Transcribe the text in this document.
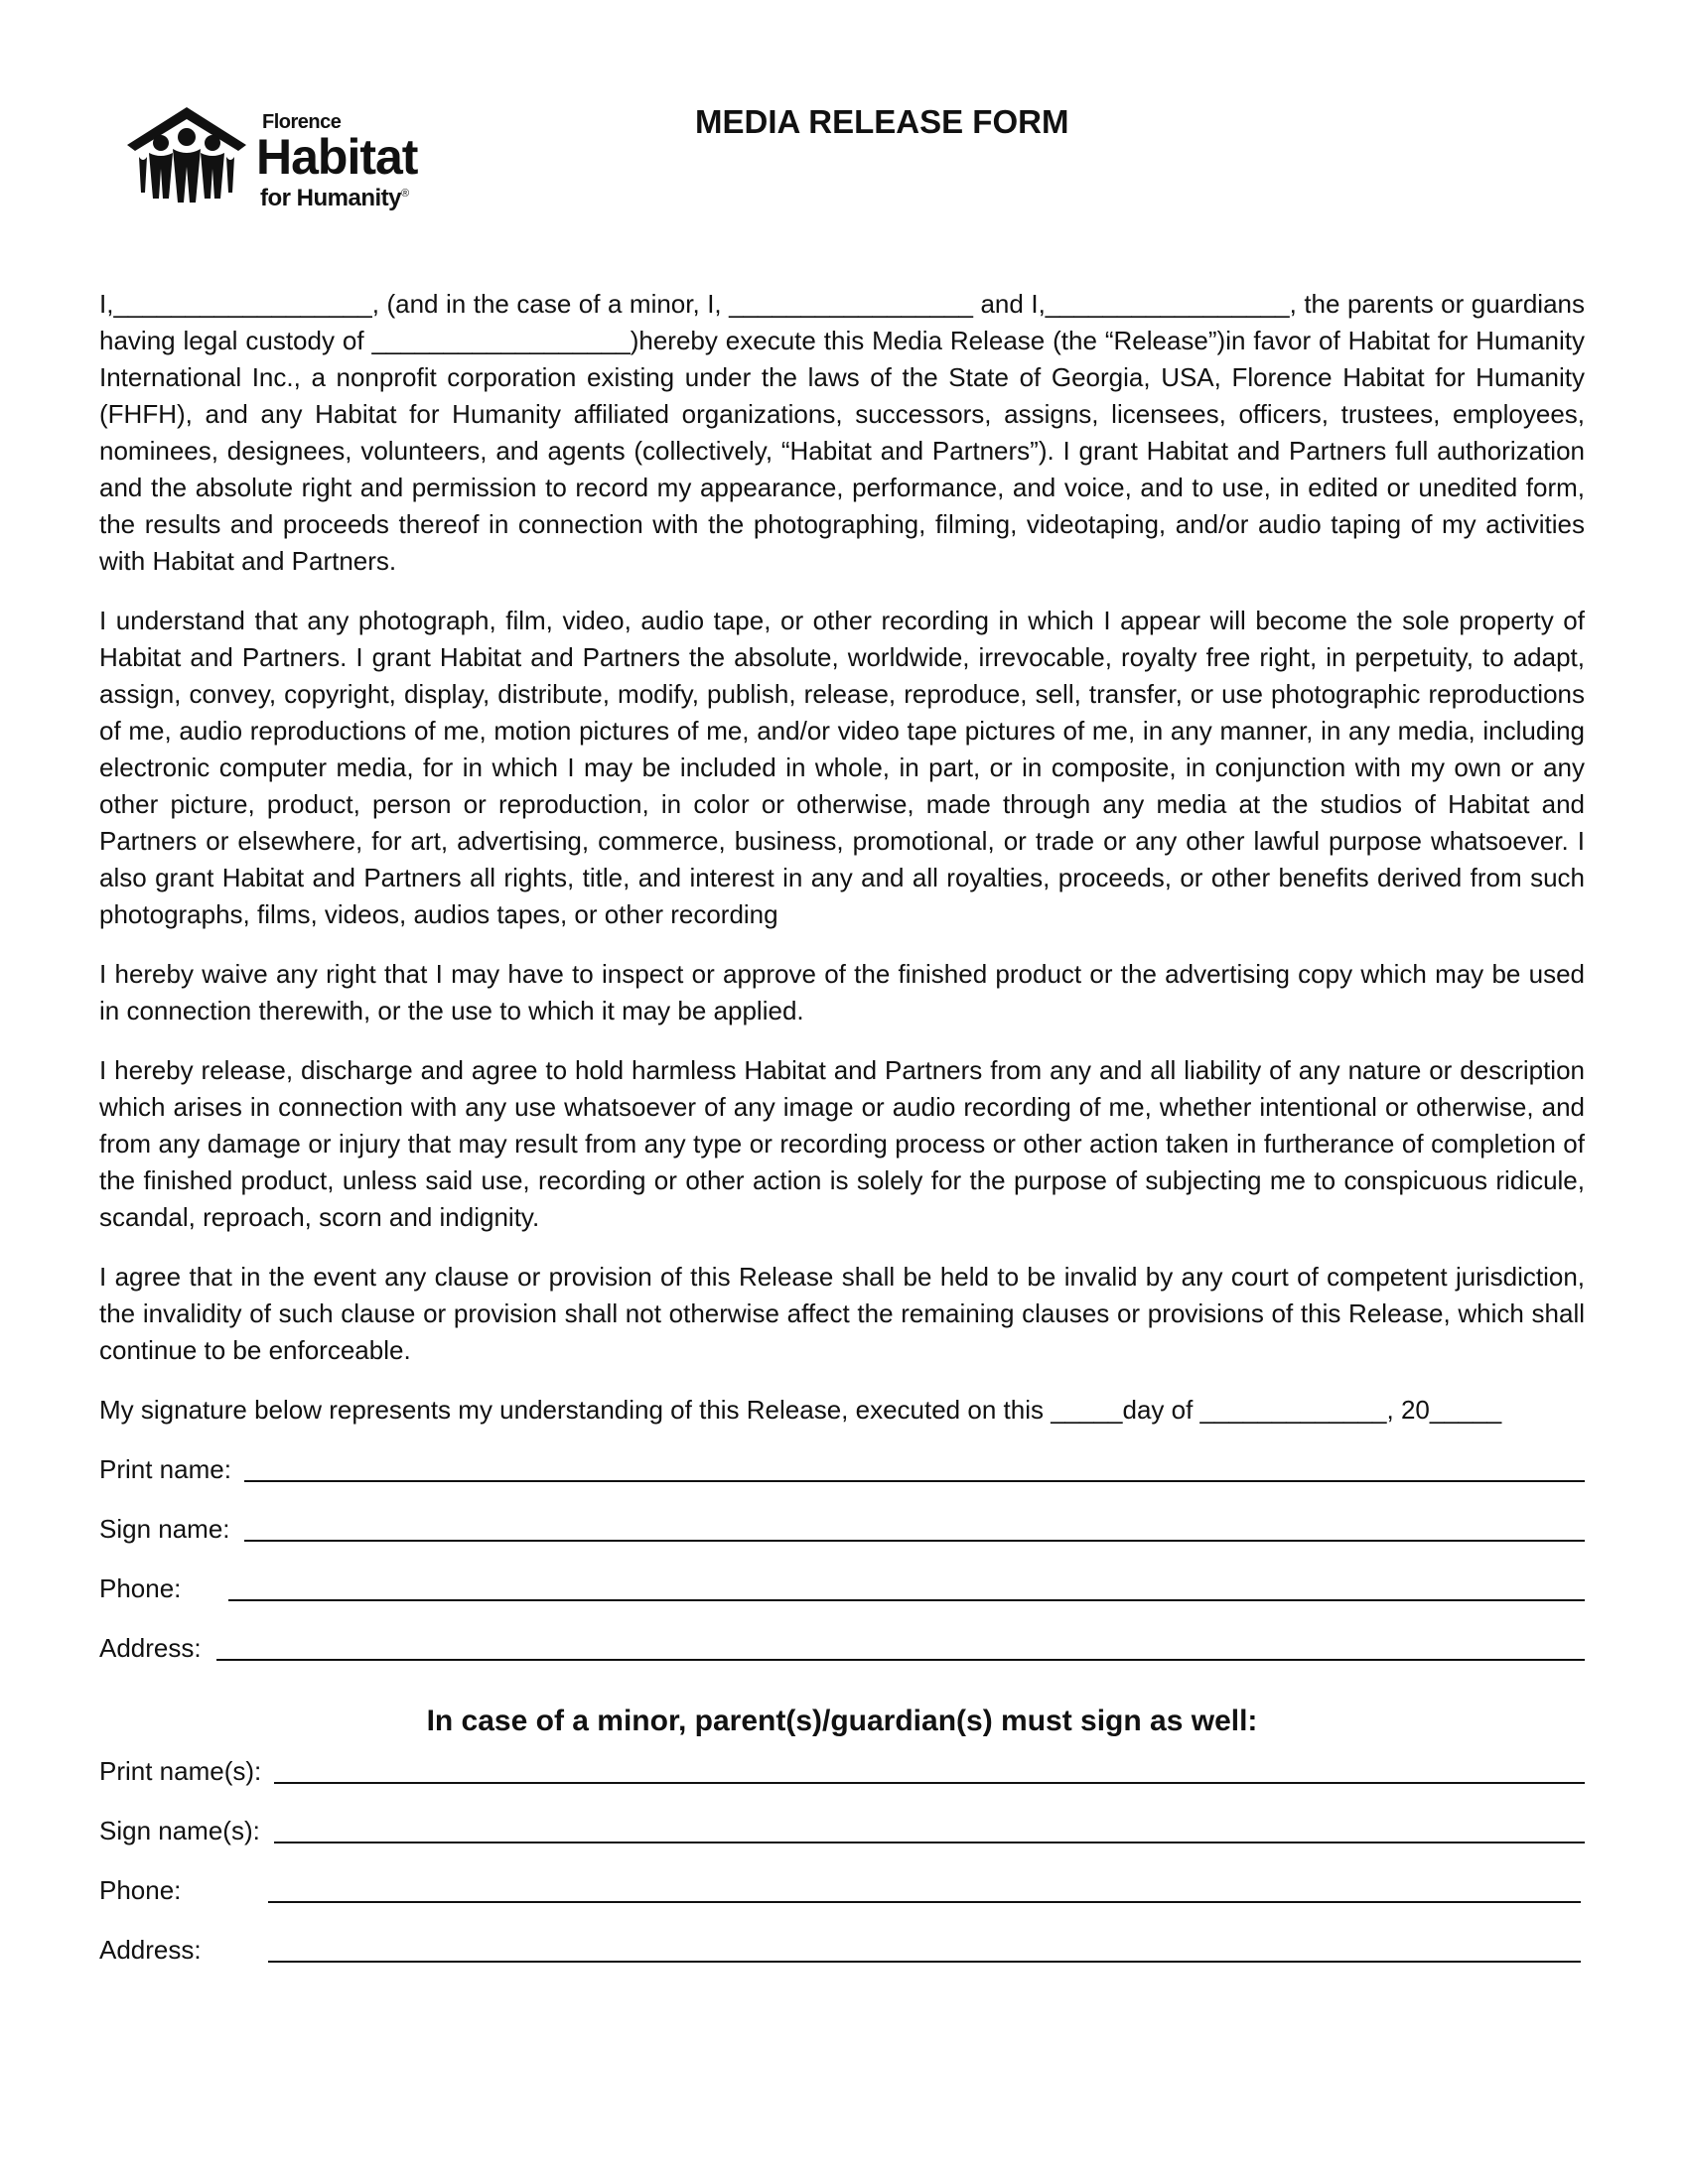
Florence
Habitat
for Humanity®
MEDIA RELEASE FORM

I,__________________, (and in the case of a minor, I, _________________ and I,_________________, the parents or guardians having legal custody of __________________)hereby execute this Media Release (the “Release”)in favor of Habitat for Humanity International Inc., a nonprofit corporation existing under the laws of the State of Georgia, USA, Florence Habitat for Humanity (FHFH), and any Habitat for Humanity affiliated organizations, successors, assigns, licensees, officers, trustees, employees, nominees, designees, volunteers, and agents (collectively, “Habitat and Partners”). I grant Habitat and Partners full authorization and the absolute right and permission to record my appearance, performance, and voice, and to use, in edited or unedited form, the results and proceeds thereof in connection with the photographing, filming, videotaping, and/or audio taping of my activities with Habitat and Partners.

I understand that any photograph, film, video, audio tape, or other recording in which I appear will become the sole property of Habitat and Partners. I grant Habitat and Partners the absolute, worldwide, irrevocable, royalty free right, in perpetuity, to adapt, assign, convey, copyright, display, distribute, modify, publish, release, reproduce, sell, transfer, or use photographic reproductions of me, audio reproductions of me, motion pictures of me, and/or video tape pictures of me, in any manner, in any media, including electronic computer media, for in which I may be included in whole, in part, or in composite, in conjunction with my own or any other picture, product, person or reproduction, in color or otherwise, made through any media at the studios of Habitat and Partners or elsewhere, for art, advertising, commerce, business, promotional, or trade or any other lawful purpose whatsoever. I also grant Habitat and Partners all rights, title, and interest in any and all royalties, proceeds, or other benefits derived from such photographs, films, videos, audios tapes, or other recording

I hereby waive any right that I may have to inspect or approve of the finished product or the advertising copy which may be used in connection therewith, or the use to which it may be applied.

I hereby release, discharge and agree to hold harmless Habitat and Partners from any and all liability of any nature or description which arises in connection with any use whatsoever of any image or audio recording of me, whether intentional or otherwise, and from any damage or injury that may result from any type or recording process or other action taken in furtherance of completion of the finished product, unless said use, recording or other action is solely for the purpose of subjecting me to conspicuous ridicule, scandal, reproach, scorn and indignity.

I agree that in the event any clause or provision of this Release shall be held to be invalid by any court of competent jurisdiction, the invalidity of such clause or provision shall not otherwise affect the remaining clauses or provisions of this Release, which shall continue to be enforceable.

My signature below represents my understanding of this Release, executed on this _____day of _____________, 20_____

Print name:
Sign name:
Phone:
Address:
In case of a minor, parent(s)/guardian(s) must sign as well:
Print name(s):
Sign name(s):
Phone:
Address:
